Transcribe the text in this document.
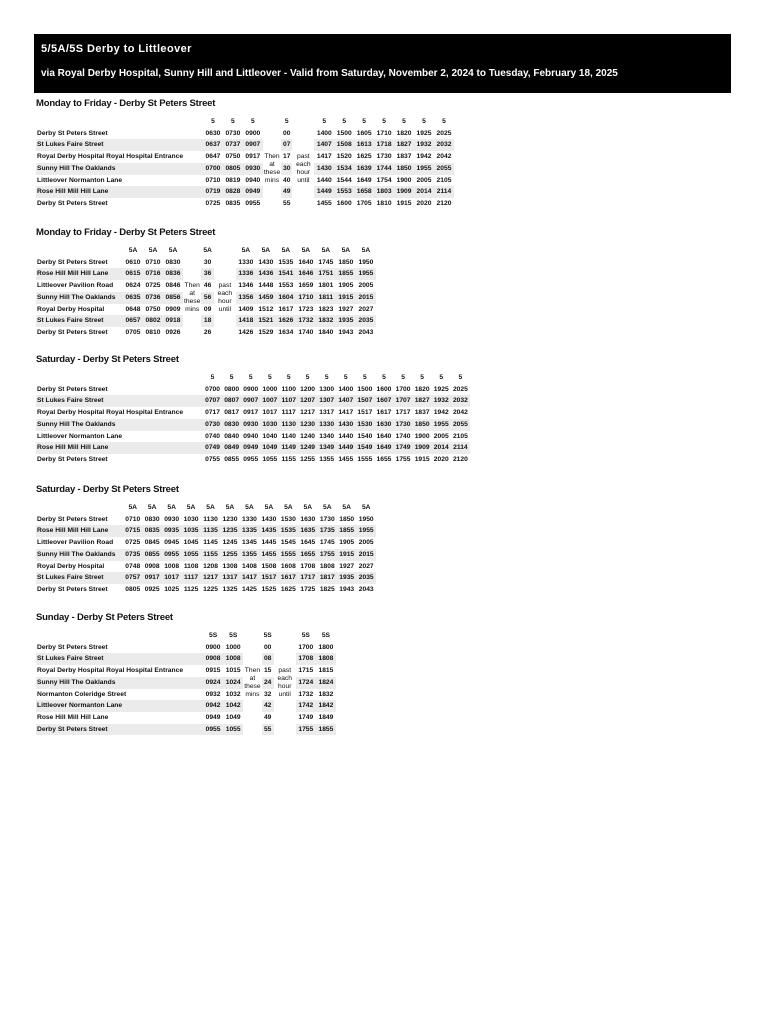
5/5A/5S Derby to Littleover
via Royal Derby Hospital, Sunny Hill and Littleover - Valid from Saturday, November 2, 2024 to Tuesday, February 18, 2025
Monday to Friday - Derby St Peters Street
	5	5	5		5		5	5	5	5	5	5	5
Derby St Peters Street	0630	0730	0900		00		1400	1500	1605	1710	1820	1925	2025
St Lukes Faire Street	0637	0737	0907		07		1407	1508	1613	1718	1827	1932	2032
Royal Derby Hospital Royal Hospital Entrance	0647	0750	0917	Then at these mins	17	past each hour until	1417	1520	1625	1730	1837	1942	2042
Sunny Hill The Oaklands	0700	0805	0930		30		1430	1534	1639	1744	1850	1955	2055
Littleover Normanton Lane	0710	0819	0940		40		1440	1544	1649	1754	1900	2005	2105
Rose Hill Mill Hill Lane	0719	0828	0949		49		1449	1553	1658	1803	1909	2014	2114
Derby St Peters Street	0725	0835	0955		55		1455	1600	1705	1810	1915	2020	2120
Monday to Friday - Derby St Peters Street
	5A	5A	5A		5A		5A	5A	5A	5A	5A	5A	5A
Derby St Peters Street	0610	0710	0830		30		1330	1430	1535	1640	1745	1850	1950
Rose Hill Mill Hill Lane	0615	0716	0836		36		1336	1436	1541	1646	1751	1855	1955
Littleover Pavilion Road	0624	0725	0846	Then at these mins	46	past each hour until	1346	1448	1553	1659	1801	1905	2005
Sunny Hill The Oaklands	0635	0736	0856		56		1356	1459	1604	1710	1811	1915	2015
Royal Derby Hospital	0648	0750	0909		09		1409	1512	1617	1723	1823	1927	2027
St Lukes Faire Street	0657	0802	0918		18		1418	1521	1626	1732	1832	1935	2035
Derby St Peters Street	0705	0810	0926		26		1426	1529	1634	1740	1840	1943	2043
Saturday - Derby St Peters Street
	5	5	5	5	5	5	5	5	5	5	5	5	5	5
Derby St Peters Street	0700	0800	0900	1000	1100	1200	1300	1400	1500	1600	1700	1820	1925	2025
St Lukes Faire Street	0707	0807	0907	1007	1107	1207	1307	1407	1507	1607	1707	1827	1932	2032
Royal Derby Hospital Royal Hospital Entrance	0717	0817	0917	1017	1117	1217	1317	1417	1517	1617	1717	1837	1942	2042
Sunny Hill The Oaklands	0730	0830	0930	1030	1130	1230	1330	1430	1530	1630	1730	1850	1955	2055
Littleover Normanton Lane	0740	0840	0940	1040	1140	1240	1340	1440	1540	1640	1740	1900	2005	2105
Rose Hill Mill Hill Lane	0749	0849	0949	1049	1149	1249	1349	1449	1549	1649	1749	1909	2014	2114
Derby St Peters Street	0755	0855	0955	1055	1155	1255	1355	1455	1555	1655	1755	1915	2020	2120
Saturday - Derby St Peters Street
	5A	5A	5A	5A	5A	5A	5A	5A	5A	5A	5A	5A	5A
Derby St Peters Street	0710	0830	0930	1030	1130	1230	1330	1430	1530	1630	1730	1850	1950
Rose Hill Mill Hill Lane	0715	0835	0935	1035	1135	1235	1335	1435	1535	1635	1735	1855	1955
Littleover Pavilion Road	0725	0845	0945	1045	1145	1245	1345	1445	1545	1645	1745	1905	2005
Sunny Hill The Oaklands	0735	0855	0955	1055	1155	1255	1355	1455	1555	1655	1755	1915	2015
Royal Derby Hospital	0748	0908	1008	1108	1208	1308	1408	1508	1608	1708	1808	1927	2027
St Lukes Faire Street	0757	0917	1017	1117	1217	1317	1417	1517	1617	1717	1817	1935	2035
Derby St Peters Street	0805	0925	1025	1125	1225	1325	1425	1525	1625	1725	1825	1943	2043
Sunday - Derby St Peters Street
	5S	5S		5S		5S	5S
Derby St Peters Street	0900	1000		00		1700	1800
St Lukes Faire Street	0908	1008		08		1708	1808
Royal Derby Hospital Royal Hospital Entrance	0915	1015	Then at these mins	15	past each hour until	1715	1815
Sunny Hill The Oaklands	0924	1024		24		1724	1824
Normanton Coleridge Street	0932	1032		32		1732	1832
Littleover Normanton Lane	0942	1042		42		1742	1842
Rose Hill Mill Hill Lane	0949	1049		49		1749	1849
Derby St Peters Street	0955	1055		55		1755	1855
